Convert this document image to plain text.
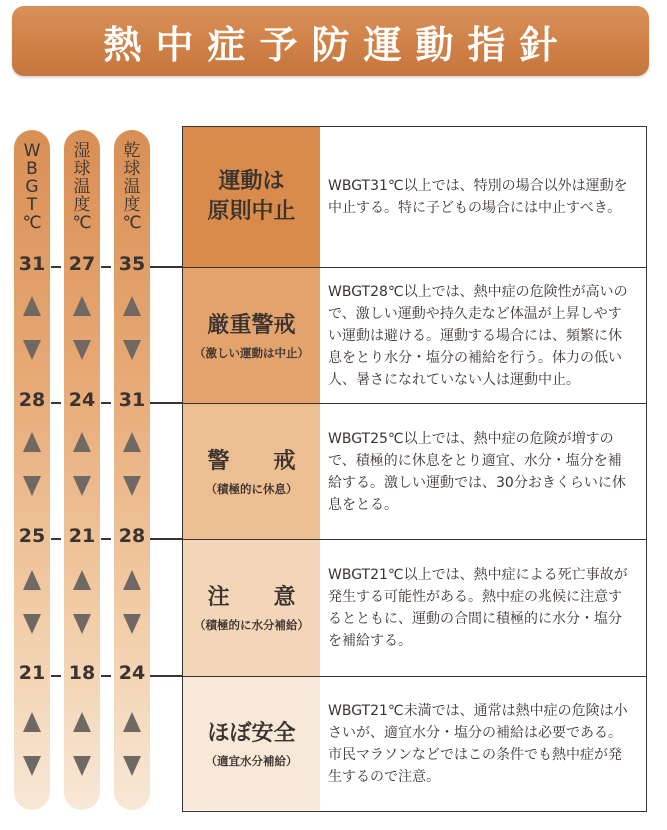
熱中症予防運動指針
W
B
G
T
℃
湿
球
温
度
℃
乾
球
温
度
℃
31	27	35
28	24	31
25	21	28
21	18	24
運動は
原則中止
WBGT31℃以上では、特別の場合以外は運動を中止する。特に子どもの場合には中止すべき。
厳重警戒
（激しい運動は中止）
WBGT28℃以上では、熱中症の危険性が高いので、激しい運動や持久走など体温が上昇しやすい運動は避ける。運動する場合には、頻繁に休息をとり水分・塩分の補給を行う。体力の低い人、暑さになれていない人は運動中止。
警　　戒
（積極的に休息）
WBGT25℃以上では、熱中症の危険が増すので、積極的に休息をとり適宜、水分・塩分を補給する。激しい運動では、30分おきくらいに休息をとる。
注　　意
（積極的に水分補給）
WBGT21℃以上では、熱中症による死亡事故が発生する可能性がある。熱中症の兆候に注意するとともに、運動の合間に積極的に水分・塩分を補給する。
ほぼ安全
（適宜水分補給）
WBGT21℃未満では、通常は熱中症の危険は小さいが、適宜水分・塩分の補給は必要である。市民マラソンなどではこの条件でも熱中症が発生するので注意。
